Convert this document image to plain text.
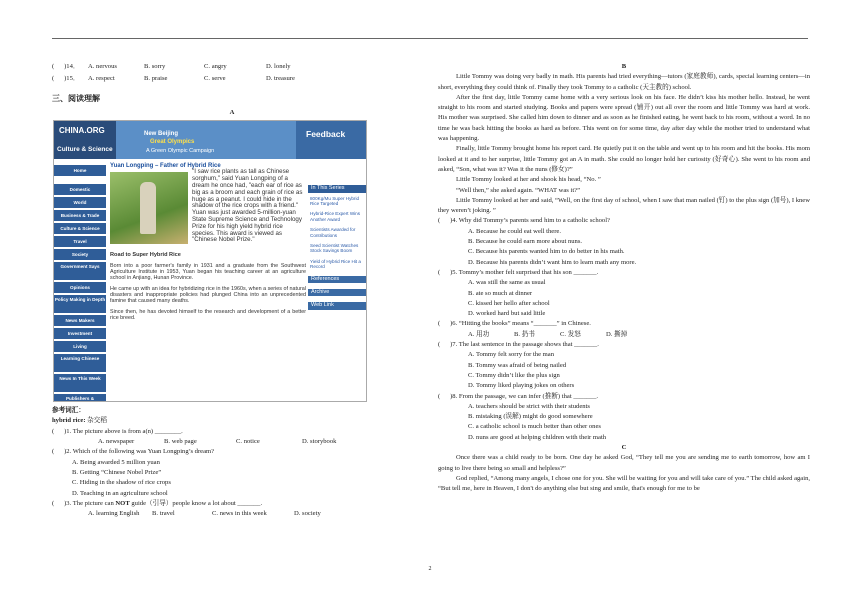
(      )14．	A. nervous	B. sorry	C. angry	D. lonely
(      )15．	A. respect	B. praise	C. serve	D. treasure
三、阅读理解
A
CHINA.ORG
Culture & Science
New Beijing
Great Olympics
A Green Olympic Campaign
Feedback
Home
Domestic
World
Business & Trade
Culture & Science
Travel
Society
Government Says
Opinions
Policy Making in Depth
News Makers
Investment
Living
Learning Chinese
News In This Week
Publishers &
Yuan Longping – Father of Hybrid Rice
"I saw rice plants as tall as Chinese sorghum," said Yuan Longping of a dream he once had, "each ear of rice as big as a broom and each grain of rice as huge as a peanut. I could hide in the shadow of the rice crops with a friend." Yuan was just awarded 5-million-yuan State Supreme Science and Technology Prize for his high yield hybrid rice species. This award is viewed as "Chinese Nobel Prize."
Road to Super Hybrid Rice

Born into a poor farmer's family in 1931 and a graduate from the Southwest Agriculture Institute in 1953, Yuan began his teaching career at an agriculture school in Anjiang, Hunan Province.

He came up with an idea for hybridizing rice in the 1960s, when a series of natural disasters and inappropriate policies had plunged China into an unprecedented famine that caused many deaths.

Since then, he has devoted himself to the research and development of a better rice breed.

In This Series
800Kg/Mu Super Hybrid Rice Targeted
Hybrid-Rice Expert Wins Another Award
Scientists Awarded for Contributions
Seed Scientist Watches Stock Savings Boom
Yield of Hybrid Rice Hit a Record
References
Archive
Web Link
参考词汇：
hybrid rice: 杂交稻
(      )1. The picture above is from a(n) ________.
A. newspaper	B. web page	C. notice	D. storybook
(      )2. Which of the following was Yuan Longping’s dream?
A. Being awarded 5 million yuan
B. Getting “Chinese Nobel Prize”
C. Hiding in the shadow of rice crops
D. Teaching in an agriculture school
(      )3. The picture can NOT guide（引导）people know a lot about _______.
A. learning English	B. travel	C. news in this week	D. society
B

Little Tommy was doing very badly in math. His parents had tried everything—tutors (家庭教师), cards, special learning centers—in short, everything they could think of. Finally they took Tommy to a catholic (天主教的) school.

After the first day, little Tommy came home with a very serious look on his face. He didn’t kiss his mother hello. Instead, he went straight to his room and started studying. Books and papers were spread (铺开) out all over the room and little Tommy was hard at work. His mother was surprised. She called him down to dinner and as soon as he finished eating, he went back to his room, without a word. In no time he was back hitting the books as hard as before. This went on for some time, day after day while the mother tried to understand what was happening.

Finally, little Tommy brought home his report card. He quietly put it on the table and went up to his room and hit the books. His mom looked at it and to her surprise, little Tommy got an A in math. She could no longer hold her curiosity (好奇心). She went to his room and asked, “Son, what was it? Was it the nuns (修女)?”

Little Tommy looked at her and shook his head, “No. ”

“Well then,” she asked again. “WHAT was it?”

Little Tommy looked at her and said, “Well, on the first day of school, when I saw that man nailed (钉) to the plus sign (加号), I knew they weren’t joking. ”

(      )4. Why did Tommy’s parents send him to a catholic school?
A. Because he could eat well there.
B. Because he could earn more about nuns.
C. Because his parents wanted him to do better in his math.
D. Because his parents didn’t want him to learn math any more.
(      )5. Tommy’s mother felt surprised that his son _______.
A. was still the same as usual
B. ate so much at dinner
C. kissed her hello after school
D. worked hard but said little
(      )6. “Hitting the books” means “_______” in Chinese.
A. 用功	B. 扔书	C. 发怒	D. 撕掉
(      )7. The last sentence in the passage shows that _______.
A. Tommy felt sorry for the man
B. Tommy was afraid of being nailed
C. Tommy didn’t like the plus sign
D. Tommy liked playing jokes on others
(      )8. From the passage, we can infer (推断) that _______.
A. teachers should be strict with their students
B. mistaking (误解) might do good somewhere
C. a catholic school is much better than other ones
D. nuns are good at helping children with their math
C

Once there was a child ready to be born. One day he asked God, “They tell me you are sending me to earth tomorrow, how am I going to live there being so small and helpless?”

God replied, “Among many angels, I chose one for you. She will be waiting for you and will take care of you.” The child asked again, “But tell me, here in Heaven, I don't do anything else but sing and smile, that's enough for me to be

2
